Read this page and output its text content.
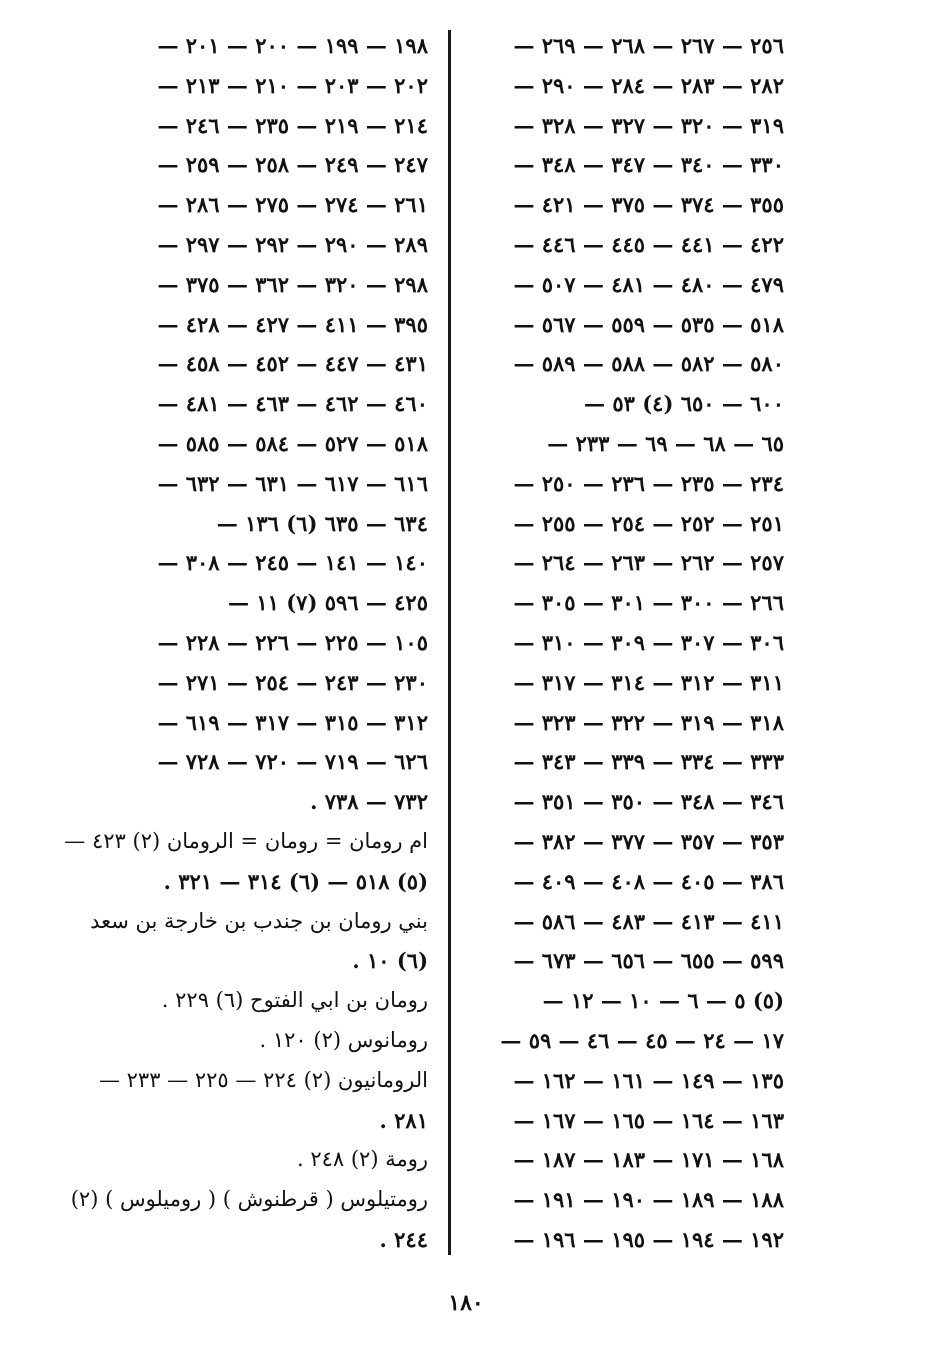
٢٥٦ — ٢٦٧ — ٢٦٨ — ٢٦٩ —
٢٨٢ — ٢٨٣ — ٢٨٤ — ٢٩٠ —
٣١٩ — ٣٢٠ — ٣٢٧ — ٣٢٨ —
٣٣٠ — ٣٤٠ — ٣٤٧ — ٣٤٨ —
٣٥٥ — ٣٧٤ — ٣٧٥ — ٤٢١ —
٤٢٢ — ٤٤١ — ٤٤٥ — ٤٤٦ —
٤٧٩ — ٤٨٠ — ٤٨١ — ٥٠٧ —
٥١٨ — ٥٣٥ — ٥٥٩ — ٥٦٧ —
٥٨٠ — ٥٨٢ — ٥٨٨ — ٥٨٩ —
٦٠٠ — ٦٥٠ (٤) ٥٣ —
٦٥ — ٦٨ — ٦٩ — ٢٣٣ —
٢٣٤ — ٢٣٥ — ٢٣٦ — ٢٥٠ —
٢٥١ — ٢٥٢ — ٢٥٤ — ٢٥٥ —
٢٥٧ — ٢٦٢ — ٢٦٣ — ٢٦٤ —
٢٦٦ — ٣٠٠ — ٣٠١ — ٣٠٥ —
٣٠٦ — ٣٠٧ — ٣٠٩ — ٣١٠ —
٣١١ — ٣١٢ — ٣١٤ — ٣١٧ —
٣١٨ — ٣١٩ — ٣٢٢ — ٣٢٣ —
٣٣٣ — ٣٣٤ — ٣٣٩ — ٣٤٣ —
٣٤٦ — ٣٤٨ — ٣٥٠ — ٣٥١ —
٣٥٣ — ٣٥٧ — ٣٧٧ — ٣٨٢ —
٣٨٦ — ٤٠٥ — ٤٠٨ — ٤٠٩ —
٤١١ — ٤١٣ — ٤٨٣ — ٥٨٦ —
٥٩٩ — ٦٥٥ — ٦٥٦ — ٦٧٣ —
(٥) ٥ — ٦ — ١٠ — ١٢ —
١٧ — ٢٤ — ٤٥ — ٤٦ — ٥٩ —
١٣٥ — ١٤٩ — ١٦١ — ١٦٢ —
١٦٣ — ١٦٤ — ١٦٥ — ١٦٧ —
١٦٨ — ١٧١ — ١٨٣ — ١٨٧ —
١٨٨ — ١٨٩ — ١٩٠ — ١٩١ —
١٩٢ — ١٩٤ — ١٩٥ — ١٩٦ —
١٩٨ — ١٩٩ — ٢٠٠ — ٢٠١ —
٢٠٢ — ٢٠٣ — ٢١٠ — ٢١٣ —
٢١٤ — ٢١٩ — ٢٣٥ — ٢٤٦ —
٢٤٧ — ٢٤٩ — ٢٥٨ — ٢٥٩ —
٢٦١ — ٢٧٤ — ٢٧٥ — ٢٨٦ —
٢٨٩ — ٢٩٠ — ٢٩٢ — ٢٩٧ —
٢٩٨ — ٣٢٠ — ٣٦٢ — ٣٧٥ —
٣٩٥ — ٤١١ — ٤٢٧ — ٤٢٨ —
٤٣١ — ٤٤٧ — ٤٥٢ — ٤٥٨ —
٤٦٠ — ٤٦٢ — ٤٦٣ — ٤٨١ —
٥١٨ — ٥٢٧ — ٥٨٤ — ٥٨٥ —
٦١٦ — ٦١٧ — ٦٣١ — ٦٣٢ —
٦٣٤ — ٦٣٥ (٦) ١٣٦ —
١٤٠ — ١٤١ — ٢٤٥ — ٣٠٨ —
٤٢٥ — ٥٩٦ (٧) ١١ —
١٠٥ — ٢٢٥ — ٢٢٦ — ٢٢٨ —
٢٣٠ — ٢٤٣ — ٢٥٤ — ٢٧١ —
٣١٢ — ٣١٥ — ٣١٧ — ٦١٩ —
٦٢٦ — ٧١٩ — ٧٢٠ — ٧٢٨ —
٧٣٢ — ٧٣٨ .
ام رومان = رومان = الرومان (٢) ٤٢٣ —
(٥) ٥١٨ — (٦) ٣١٤ — ٣٢١ .
بني رومان بن جندب بن خارجة بن سعد
(٦) ١٠ .
رومان بن ابي الفتوح (٦) ٢٢٩ .
رومانوس (٢) ١٢٠ .
الرومانيون (٢) ٢٢٤ — ٢٢٥ — ٢٣٣ —
٢٨١ .
رومة (٢) ٢٤٨ .
رومتيلوس ( قرطنوش ) ( روميلوس ) (٢)
٢٤٤ .
١٨٠
